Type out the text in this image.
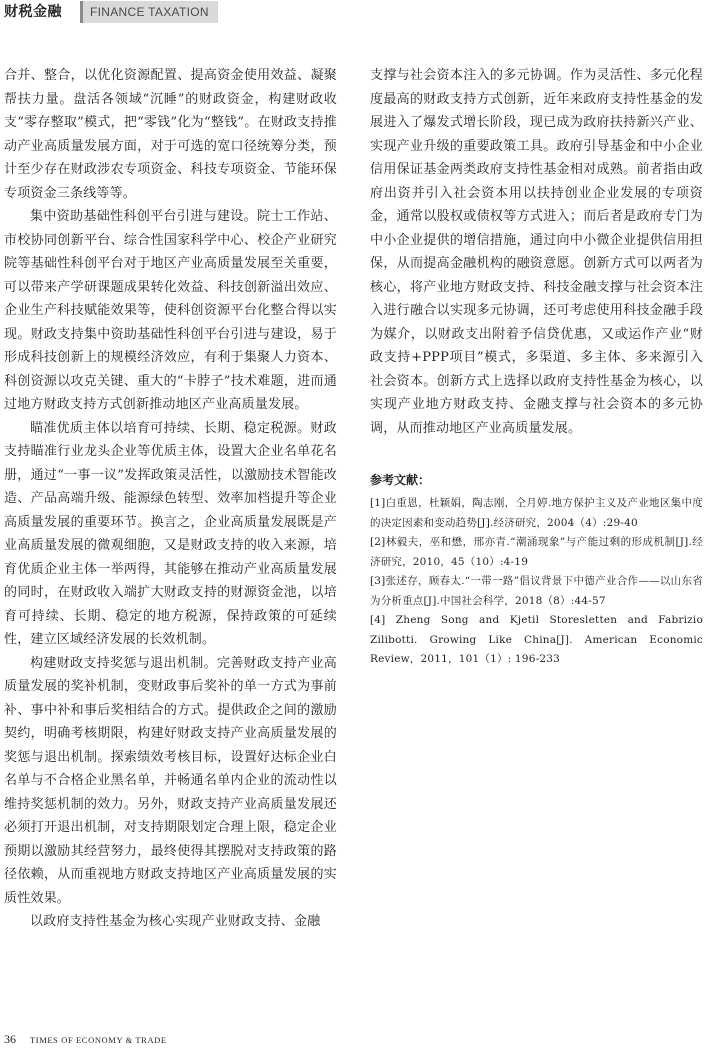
财税金融	FINANCE TAXATION

合并、整合，以优化资源配置、提高资金使用效益、凝聚帮扶力量。盘活各领域“沉睡”的财政资金，构建财政收支“零存整取”模式，把“零钱”化为“整钱”。在财政支持推动产业高质量发展方面，对于可选的宽口径统筹分类，预计至少存在财政涉农专项资金、科技专项资金、节能环保专项资金三条线等等。

集中资助基础性科创平台引进与建设。院士工作站、市校协同创新平台、综合性国家科学中心、校企产业研究院等基础性科创平台对于地区产业高质量发展至关重要，可以带来产学研课题成果转化效益、科技创新溢出效应、企业生产科技赋能效果等，使科创资源平台化整合得以实现。财政支持集中资助基础性科创平台引进与建设，易于形成科技创新上的规模经济效应，有利于集聚人力资本、科创资源以攻克关键、重大的“卡脖子”技术难题，进而通过地方财政支持方式创新推动地区产业高质量发展。

瞄准优质主体以培育可持续、长期、稳定税源。财政支持瞄准行业龙头企业等优质主体，设置大企业名单花名册，通过“一事一议”发挥政策灵活性，以激励技术智能改造、产品高端升级、能源绿色转型、效率加档提升等企业高质量发展的重要环节。换言之，企业高质量发展既是产业高质量发展的微观细胞，又是财政支持的收入来源，培育优质企业主体一举两得，其能够在推动产业高质量发展的同时，在财政收入端扩大财政支持的财源资金池，以培育可持续、长期、稳定的地方税源，保持政策的可延续性，建立区域经济发展的长效机制。

构建财政支持奖惩与退出机制。完善财政支持产业高质量发展的奖补机制，变财政事后奖补的单一方式为事前补、事中补和事后奖相结合的方式。提供政企之间的激励契约，明确考核期限，构建好财政支持产业高质量发展的奖惩与退出机制。探索绩效考核目标，设置好达标企业白名单与不合格企业黑名单，并畅通名单内企业的流动性以维持奖惩机制的效力。另外，财政支持产业高质量发展还必须打开退出机制，对支持期限划定合理上限，稳定企业预期以激励其经营努力，最终使得其摆脱对支持政策的路径依赖，从而重视地方财政支持地区产业高质量发展的实质性效果。

以政府支持性基金为核心实现产业财政支持、金融

支撑与社会资本注入的多元协调。作为灵活性、多元化程度最高的财政支持方式创新，近年来政府支持性基金的发展进入了爆发式增长阶段，现已成为政府扶持新兴产业、实现产业升级的重要政策工具。政府引导基金和中小企业信用保证基金两类政府支持性基金相对成熟。前者指由政府出资并引入社会资本用以扶持创业企业发展的专项资金，通常以股权或债权等方式进入；而后者是政府专门为中小企业提供的增信措施，通过向中小微企业提供信用担保，从而提高金融机构的融资意愿。创新方式可以两者为核心，将产业地方财政支持、科技金融支撑与社会资本注入进行融合以实现多元协调，还可考虑使用科技金融手段为媒介，以财政支出附着予信贷优惠，又或运作产业“财政支持+PPP项目”模式，多渠道、多主体、多来源引入社会资本。创新方式上选择以政府支持性基金为核心，以实现产业地方财政支持、金融支撑与社会资本的多元协调，从而推动地区产业高质量发展。

参考文献：

[1]白重恩，杜颖娟，陶志刚，仝月婷.地方保护主义及产业地区集中度的决定因素和变动趋势[J].经济研究，2004（4）:29-40

[2]林毅夫，巫和懋，邢亦青.“潮涌现象”与产能过剩的形成机制[J].经济研究，2010，45（10）:4-19

[3]张述存，顾春太.“一带一路”倡议背景下中德产业合作——以山东省为分析重点[J].中国社会科学，2018（8）:44-57

[4] Zheng Song and Kjetil Storesletten and Fabrizio Zilibotti. Growing Like China[J]. American Economic Review，2011，101（1）: 196-233

36 TIMES OF ECONOMY & TRADE
